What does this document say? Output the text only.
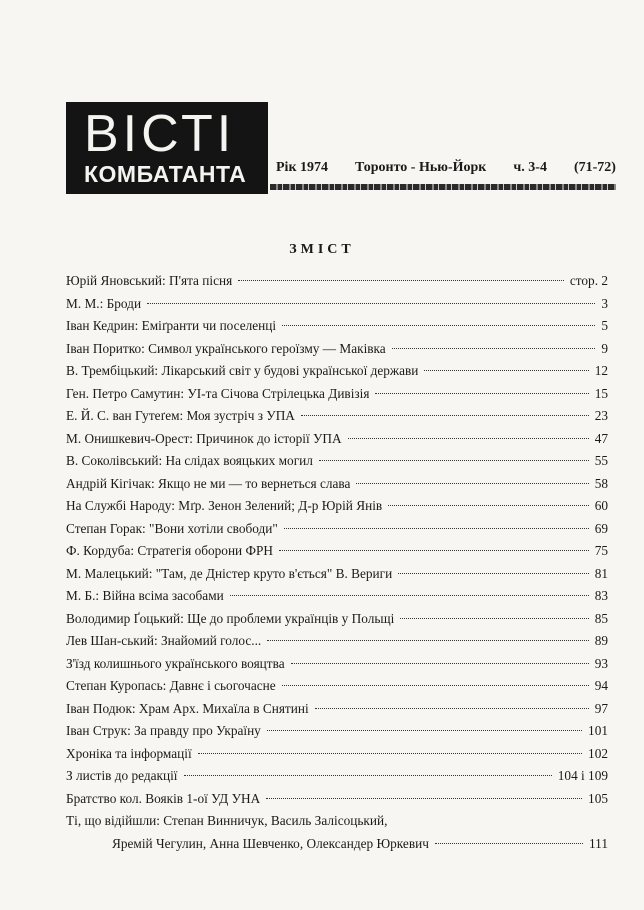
ВІСТІ
КОМБАТАНТА Рік 1974 Торонто - Нью-Йорк ч. 3-4 (71-72)
ЗМІСТ
Юрій Яновський: П'ята пісня	стор. 2
М. М.: Броди	3
Іван Кедрин: Еміґранти чи поселенці	5
Іван Поритко: Символ українського героїзму — Маківка	9
В. Трембіцький: Лікарський світ у будові української держави	12
Ген. Петро Самутин: УІ-та Січова Стрілецька Дивізія	15
Е. Й. С. ван Гутеґем: Моя зустріч з УПА	23
М. Онишкевич-Орест: Причинок до історії УПА	47
В. Соколівський: На слідах вояцьких могил	55
Андрій Кігічак: Якщо не ми — то вернеться слава	58
На Службі Народу: Мґр. Зенон Зелений; Д-р Юрій Янів	60
Степан Горак: "Вони хотіли свободи"	69
Ф. Кордуба: Стратегія оборони ФРН	75
М. Малецький: "Там, де Дністер круто в'ється" В. Вериги	81
М. Б.: Війна всіма засобами	83
Володимир Ґоцький: Ще до проблеми українців у Польщі	85
Лев Шан-ський: Знайомий голос...	89
З'їзд колишнього українського вояцтва	93
Степан Куропась: Давнє і сьогочасне	94
Іван Подюк: Храм Арх. Михаїла в Снятині	97
Іван Струк: За правду про Україну	101
Хроніка та інформації	102
З листів до редакції	104 і 109
Братство кол. Вояків 1-ої УД УНА	105
Ті, що відійшли: Степан Винничук, Василь Залісоцький,
Яремій Чегулин, Анна Шевченко, Олександер Юркевич	111
